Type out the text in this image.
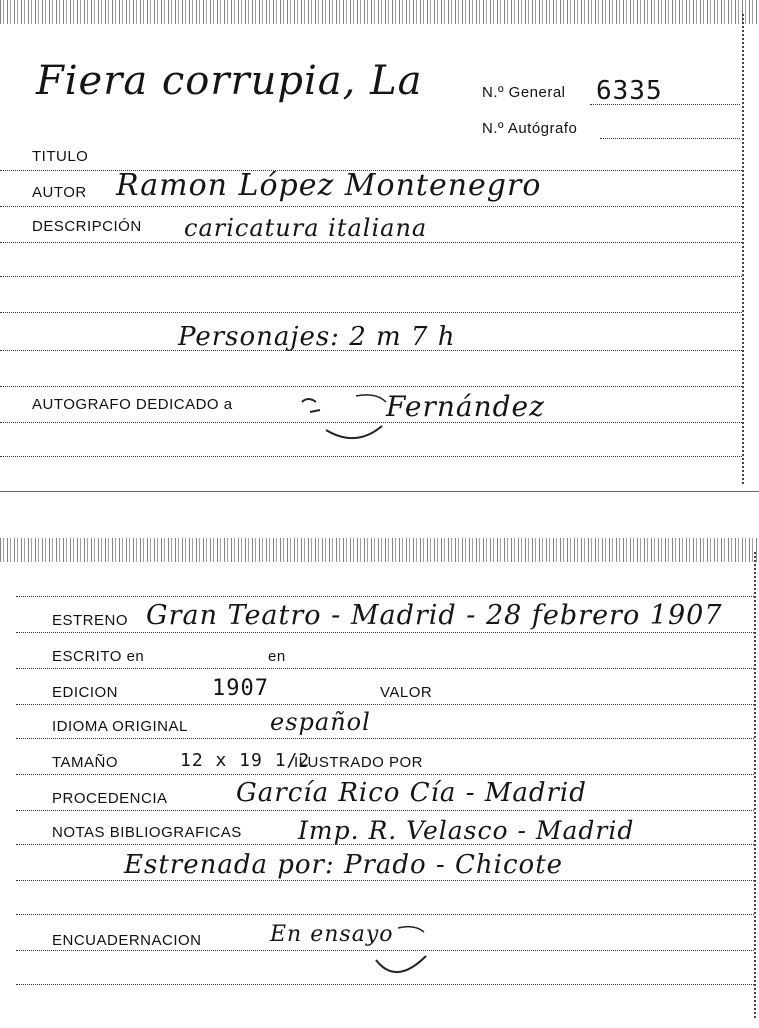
Fiera corrupia, La	N.º General 6335
N.º Autógrafo
TITULO
AUTOR Ramon López Montenegro
DESCRIPCIÓN caricatura italiana
Personajes: 2 m 7 h
AUTOGRAFO DEDICADO a	Fernández
ESTRENO Gran Teatro - Madrid - 28 febrero 1907
ESCRITO en	en
EDICION	1907	VALOR
IDIOMA ORIGINAL	español
TAMAÑO	12 x 19 1/2
ILUSTRADO POR
PROCEDENCIA	García Rico Cía - Madrid
NOTAS BIBLIOGRAFICAS Imp. R. Velasco - Madrid
Estrenada por: Prado - Chicote
ENCUADERNACION	En ensayo
